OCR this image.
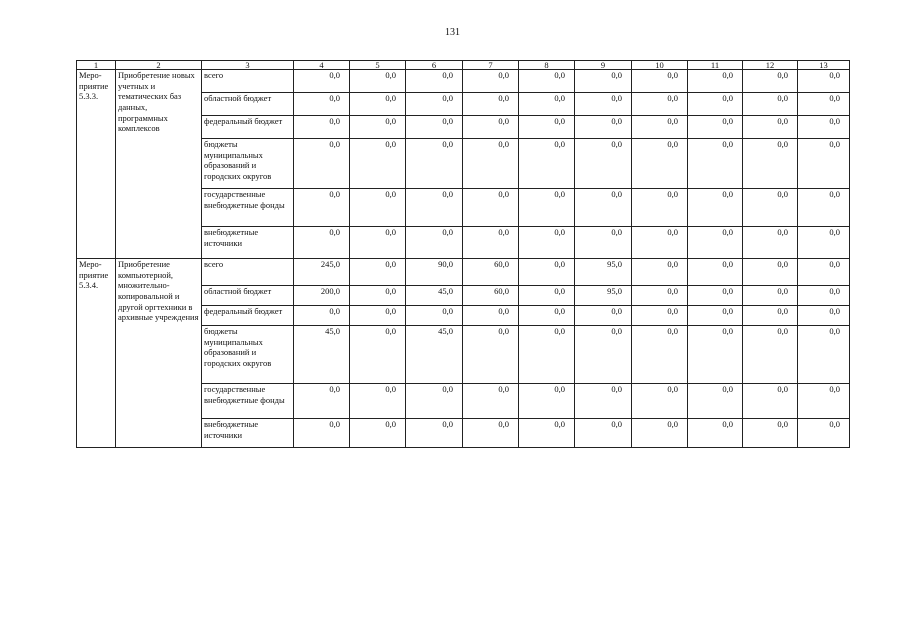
131
1	2	3	4	5	6	7	8	9	10	11	12	13
Меро-приятие 5.3.3.	Приобретение новых учетных и тематических баз данных, программных комплексов	всего	0,0	0,0	0,0	0,0	0,0	0,0	0,0	0,0	0,0	0,0
		областной бюджет	0,0	0,0	0,0	0,0	0,0	0,0	0,0	0,0	0,0	0,0
		федеральный бюджет	0,0	0,0	0,0	0,0	0,0	0,0	0,0	0,0	0,0	0,0
		бюджеты муниципальных образований и городских округов	0,0	0,0	0,0	0,0	0,0	0,0	0,0	0,0	0,0	0,0
		государственные внебюджетные фонды	0,0	0,0	0,0	0,0	0,0	0,0	0,0	0,0	0,0	0,0
		внебюджетные источники	0,0	0,0	0,0	0,0	0,0	0,0	0,0	0,0	0,0	0,0
Меро-приятие 5.3.4.	Приобретение компьютерной, множительно-копировальной и другой оргтехники в архивные учреждения	всего	245,0	0,0	90,0	60,0	0,0	95,0	0,0	0,0	0,0	0,0
		областной бюджет	200,0	0,0	45,0	60,0	0,0	95,0	0,0	0,0	0,0	0,0
		федеральный бюджет	0,0	0,0	0,0	0,0	0,0	0,0	0,0	0,0	0,0	0,0
		бюджеты муниципальных образований и городских округов	45,0	0,0	45,0	0,0	0,0	0,0	0,0	0,0	0,0	0,0
		государственные внебюджетные фонды	0,0	0,0	0,0	0,0	0,0	0,0	0,0	0,0	0,0	0,0
		внебюджетные источники	0,0	0,0	0,0	0,0	0,0	0,0	0,0	0,0	0,0	0,0
